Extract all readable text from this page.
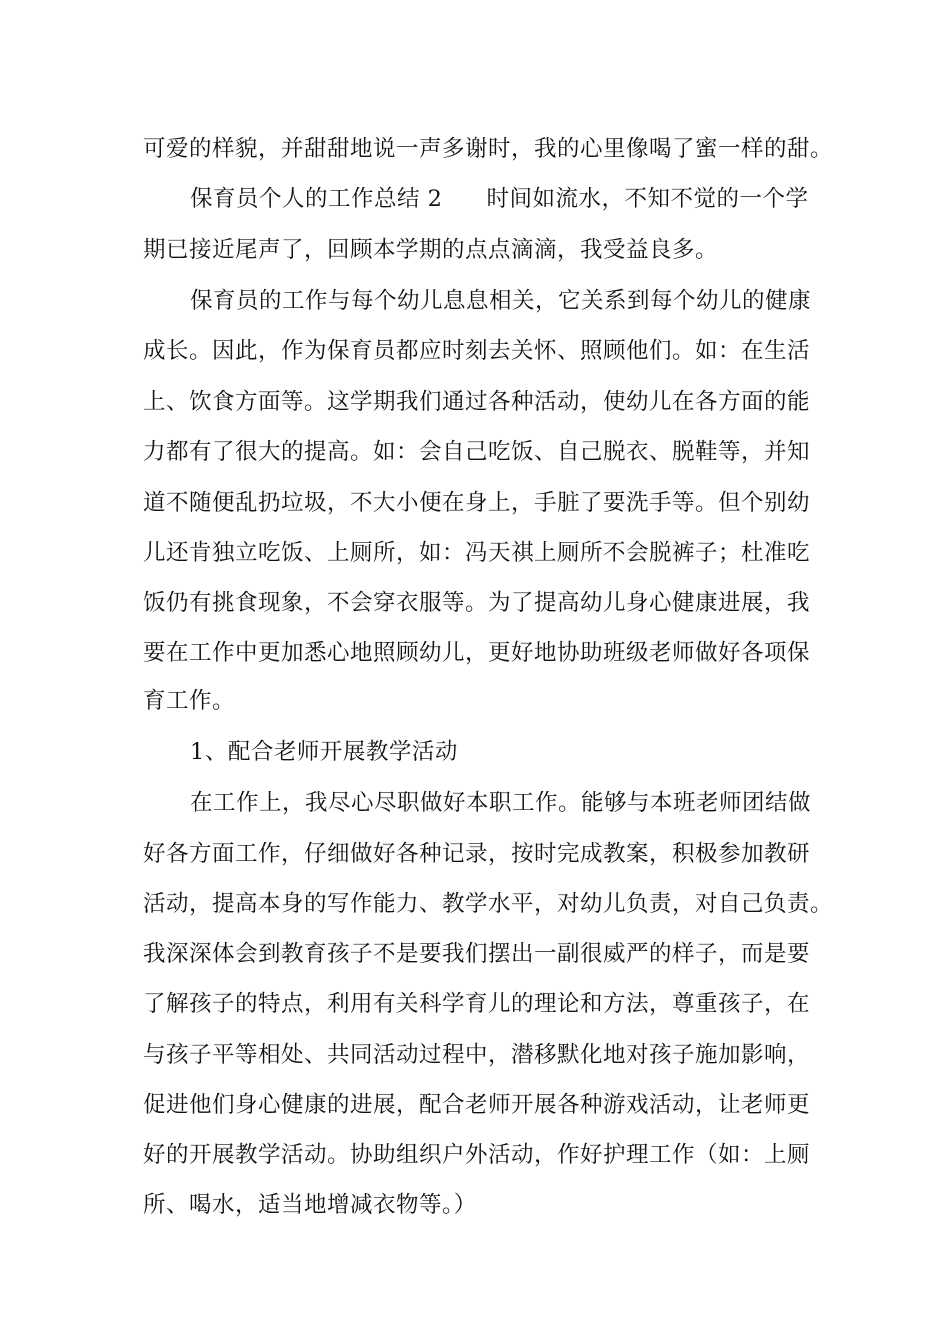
可爱的样貌，并甜甜地说一声多谢时，我的心里像喝了蜜一样的甜。

保育员个人的工作总结 2 时间如流水，不知不觉的一个学

期已接近尾声了，回顾本学期的点点滴滴，我受益良多。

保育员的工作与每个幼儿息息相关，它关系到每个幼儿的健康

成长。因此，作为保育员都应时刻去关怀、照顾他们。如：在生活

上、饮食方面等。这学期我们通过各种活动，使幼儿在各方面的能

力都有了很大的提高。如：会自己吃饭、自己脱衣、脱鞋等，并知

道不随便乱扔垃圾，不大小便在身上，手脏了要洗手等。但个别幼

儿还肯独立吃饭、上厕所，如：冯天祺上厕所不会脱裤子；杜准吃

饭仍有挑食现象，不会穿衣服等。为了提高幼儿身心健康进展，我

要在工作中更加悉心地照顾幼儿，更好地协助班级老师做好各项保

育工作。

1、配合老师开展教学活动

在工作上，我尽心尽职做好本职工作。能够与本班老师团结做

好各方面工作，仔细做好各种记录，按时完成教案，积极参加教研

活动，提高本身的写作能力、教学水平，对幼儿负责，对自己负责。

我深深体会到教育孩子不是要我们摆出一副很威严的样子，而是要

了解孩子的特点，利用有关科学育儿的理论和方法，尊重孩子，在

与孩子平等相处、共同活动过程中，潜移默化地对孩子施加影响，

促进他们身心健康的进展，配合老师开展各种游戏活动，让老师更

好的开展教学活动。协助组织户外活动，作好护理工作（如：上厕

所、喝水，适当地增减衣物等。）
